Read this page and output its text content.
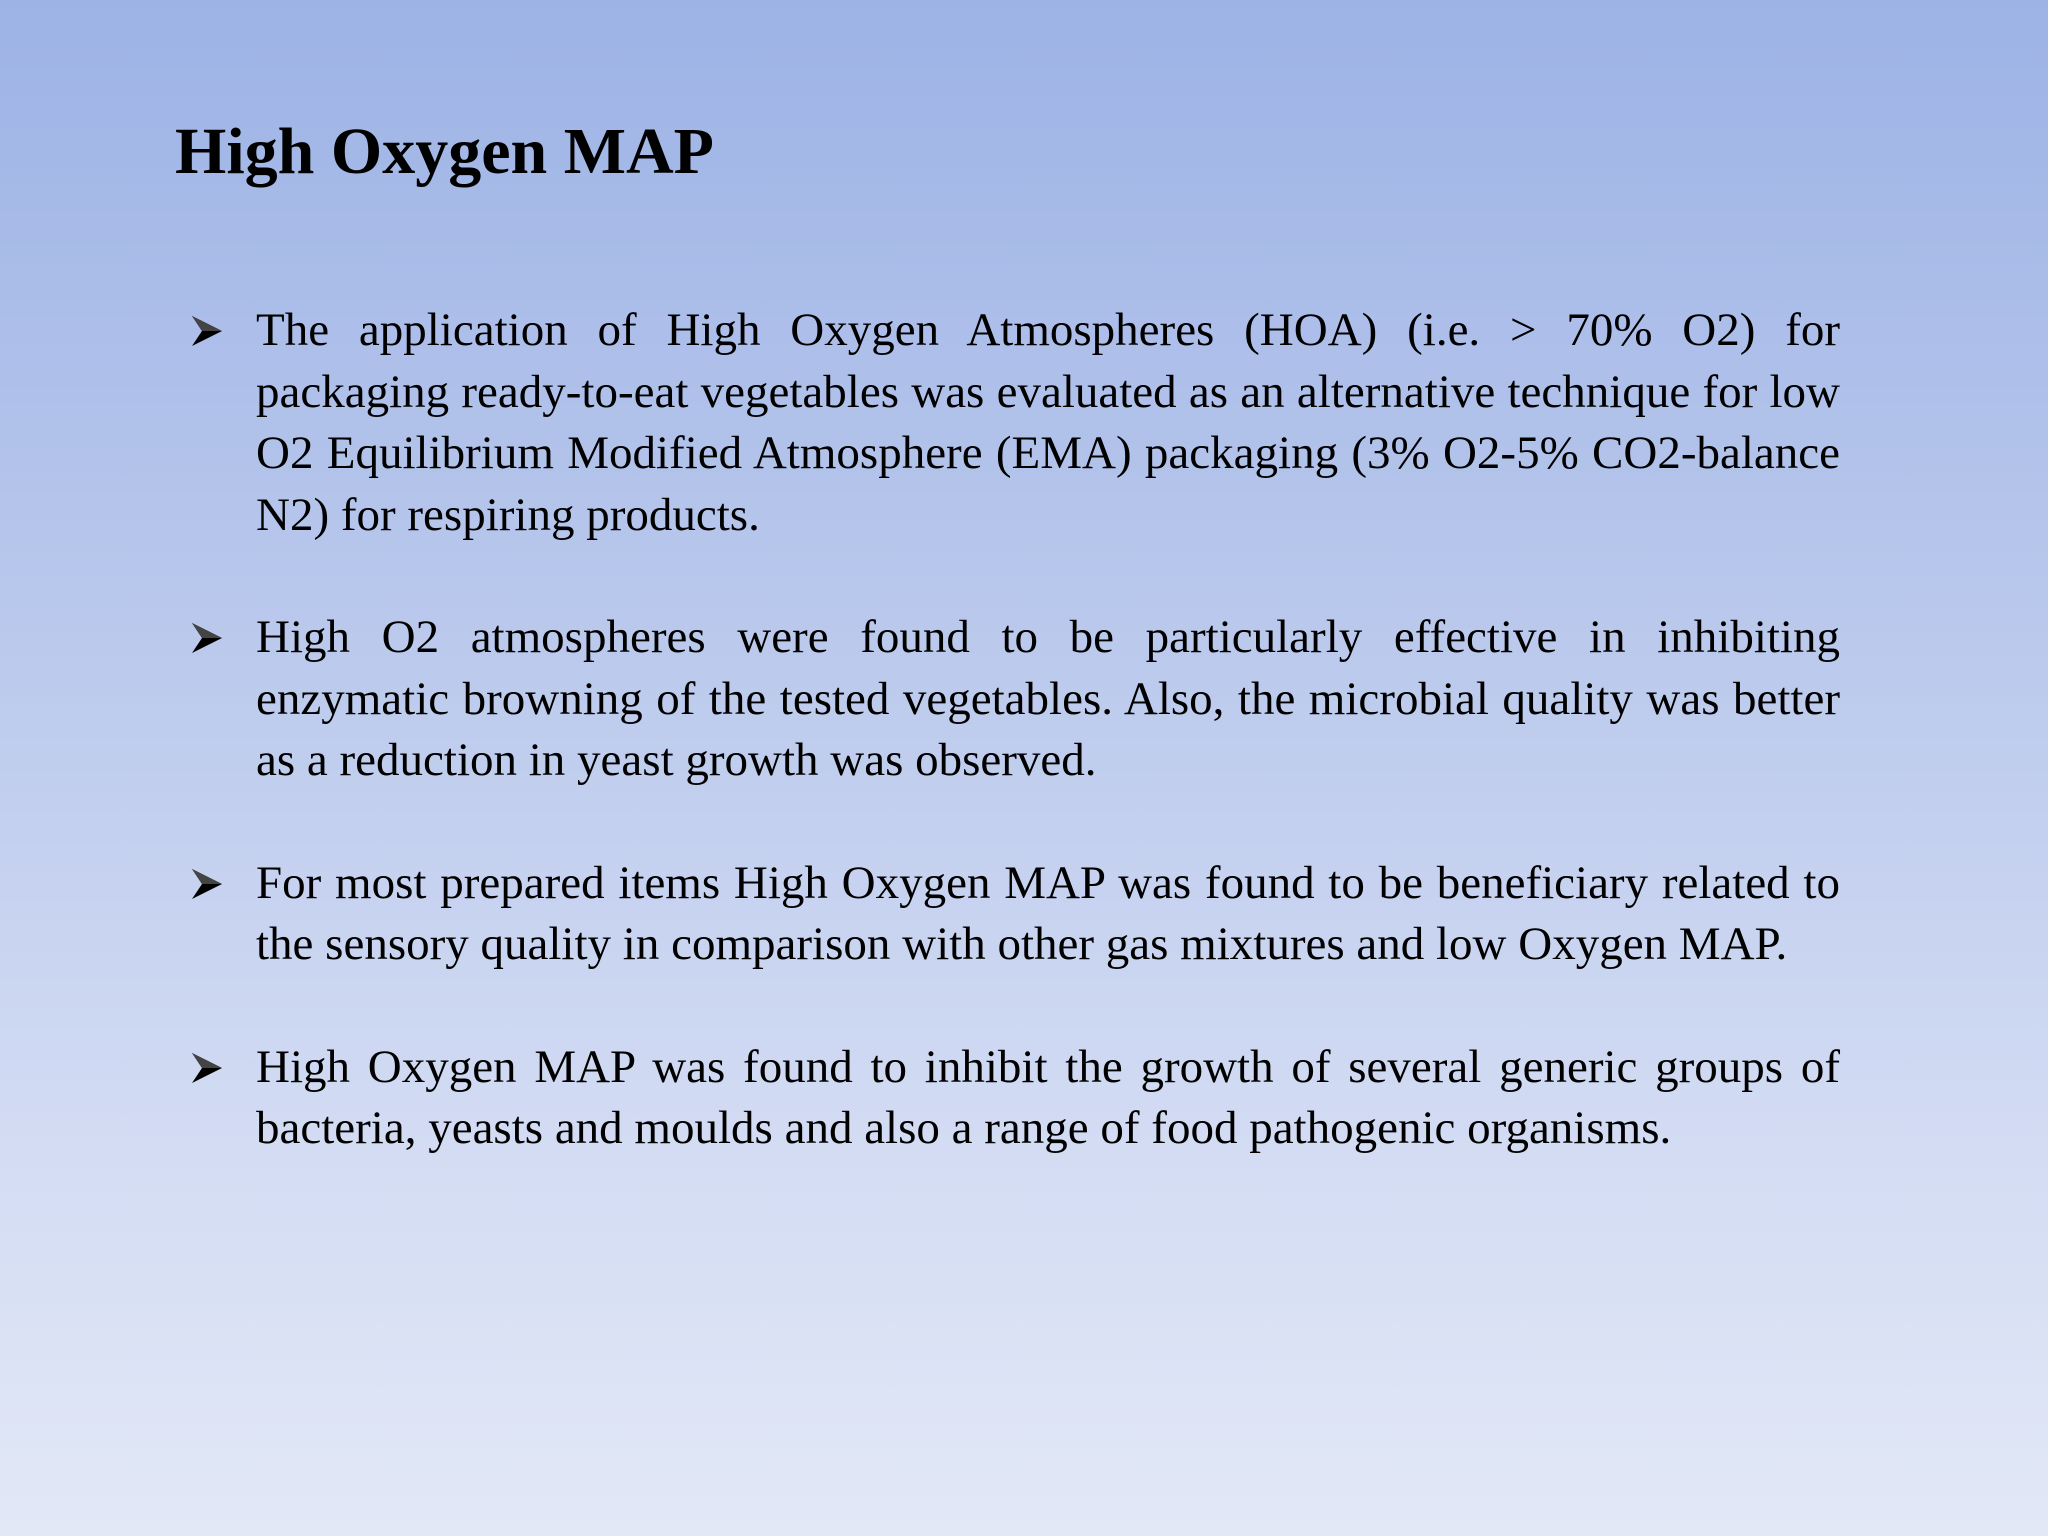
High Oxygen MAP
The application of High Oxygen Atmospheres (HOA) (i.e. > 70% O2) for packaging ready-to-eat vegetables was evaluated as an alternative technique for low O2 Equilibrium Modified Atmosphere (EMA) packaging (3% O2-5% CO2-balance N2) for respiring products.
High O2 atmospheres were found to be particularly effective in inhibiting enzymatic browning of the tested vegetables. Also, the microbial quality was better as a reduction in yeast growth was observed.
For most prepared items High Oxygen MAP was found to be beneficiary related to the sensory quality in comparison with other gas mixtures and low Oxygen MAP.
High Oxygen MAP was found to inhibit the growth of several generic groups of bacteria, yeasts and moulds and also a range of food pathogenic organisms.
